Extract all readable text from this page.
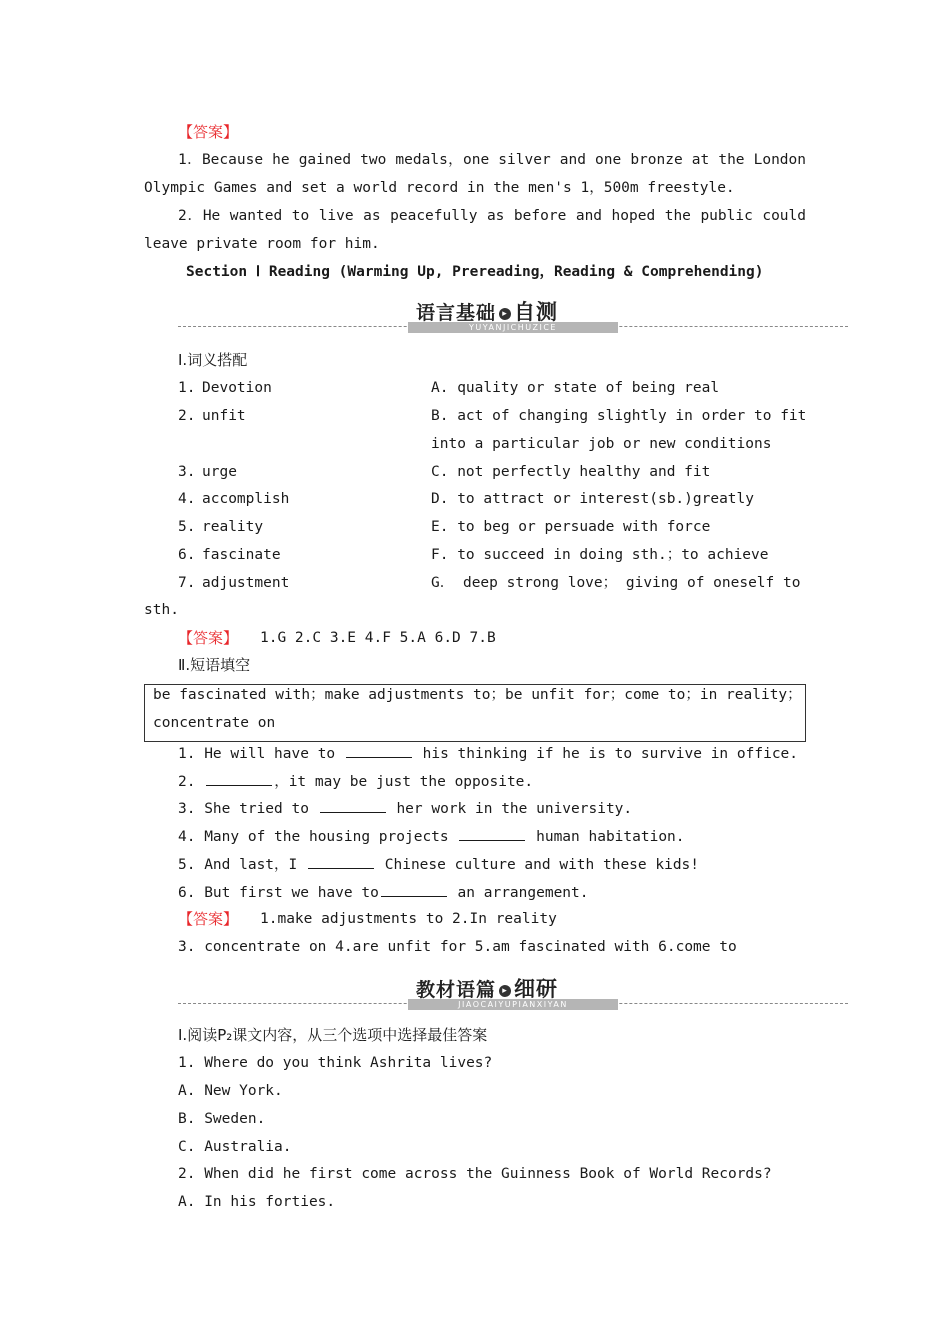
【答案】
1．Because he gained two medals，one silver and one bronze at the London Olympic Games and set a world record in the men's 1，500m freestyle.
2．He wanted to live as peacefully as before and hoped the public could leave private room for him.
Section Ⅰ Reading (Warming Up, Prereading，Reading & Comprehending)
YUYANJICHUZICE
语言基础 ▸ 自测
Ⅰ.词义搭配
1. Devotion	A. quality or state of being real
2. unfit	B. act of changing slightly in order to fit
into a particular job or new conditions
3. urge	C. not perfectly healthy and fit
4. accomplish	D. to attract or interest(sb.)greatly
5. reality	E. to beg or persuade with force
6. fascinate	F. to succeed in doing sth.；to achieve
7. adjustment	G． deep strong love； giving of oneself to
sth.
【答案】 1.G 2.C 3.E 4.F 5.A 6.D 7.B
Ⅱ.短语填空
be fascinated with；make adjustments to；be unfit for；come to；in reality；
concentrate on
1. He will have to	his thinking if he is to survive in office.
2.	，it may be just the opposite.
3. She tried to	her work in the university.
4. Many of the housing projects	human habitation.
5. And last，I	Chinese culture and with these kids!
6. But first we have to	an arrangement.
【答案】 1.make adjustments to 2.In reality
3. concentrate on 4.are unfit for 5.am fascinated with 6.come to
JIAOCAIYUPIANXIYAN
教材语篇 ▸ 细研
Ⅰ.阅读P₂课文内容，从三个选项中选择最佳答案
1. Where do you think Ashrita lives?
A. New York.
B. Sweden.
C. Australia.
2. When did he first come across the Guinness Book of World Records?
A. In his forties.
